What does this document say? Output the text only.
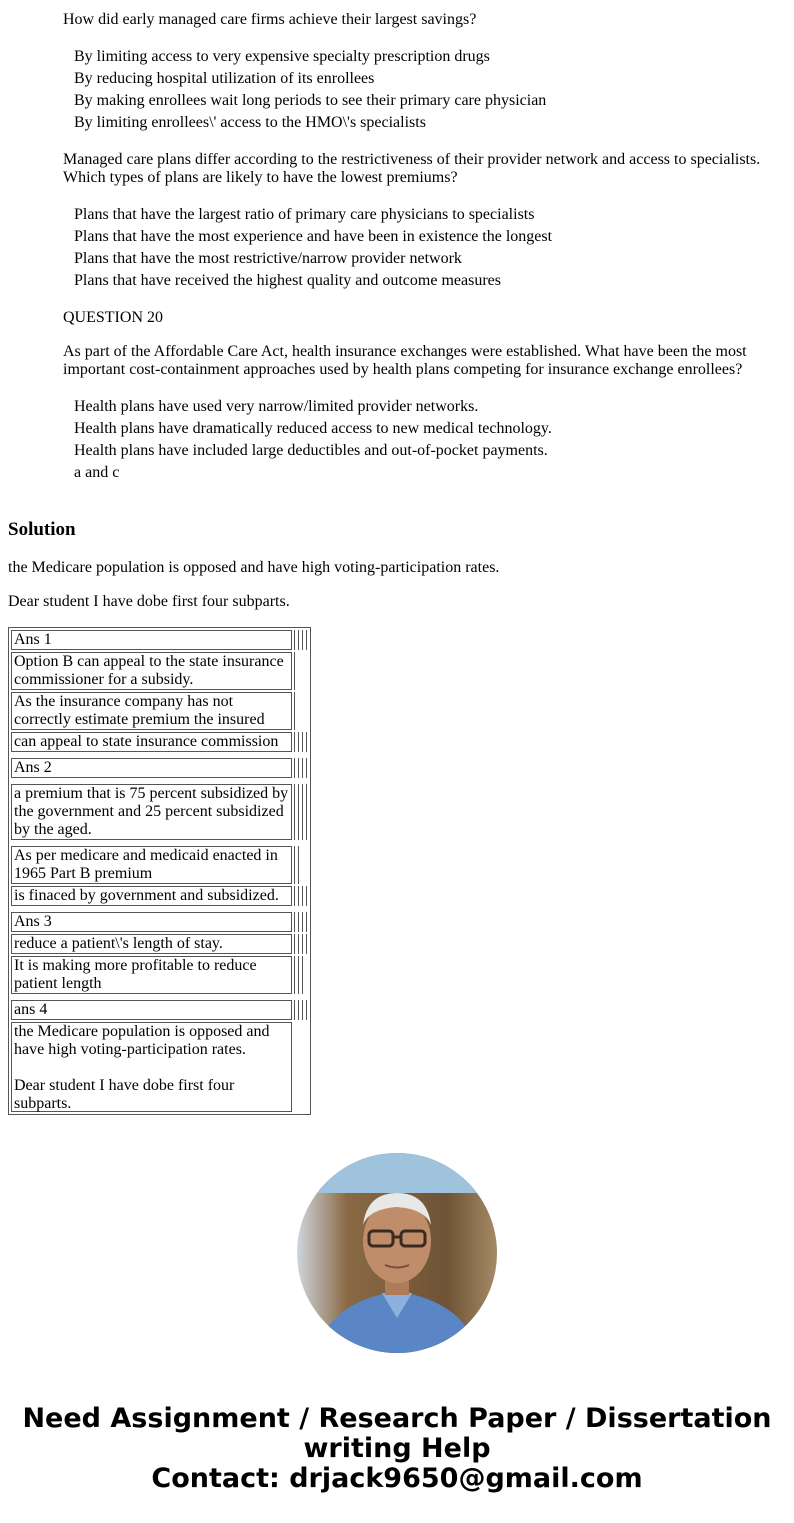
How did early managed care firms achieve their largest savings?
By limiting access to very expensive specialty prescription drugs
By reducing hospital utilization of its enrollees
By making enrollees wait long periods to see their primary care physician
By limiting enrollees\' access to the HMO\'s specialists
Managed care plans differ according to the restrictiveness of their provider network and access to specialists.
Which types of plans are likely to have the lowest premiums?
Plans that have the largest ratio of primary care physicians to specialists
Plans that have the most experience and have been in existence the longest
Plans that have the most restrictive/narrow provider network
Plans that have received the highest quality and outcome measures
QUESTION 20
As part of the Affordable Care Act, health insurance exchanges were established. What have been the most
important cost-containment approaches used by health plans competing for insurance exchange enrollees?
Health plans have used very narrow/limited provider networks.
Health plans have dramatically reduced access to new medical technology.
Health plans have included large deductibles and out-of-pocket payments.
a and c
Solution
the Medicare population is opposed and have high voting-participation rates.
Dear student I have dobe first four subparts.
Ans 1
Option B can appeal to the state insurance commissioner for a subsidy.
As the insurance company has not correctly estimate premium the insured
can appeal to state insurance commission
Ans 2
a premium that is 75 percent subsidized by the government and 25 percent subsidized by the aged.
As per medicare and medicaid enacted in 1965 Part B premium
is finaced by government and subsidized.
Ans 3
reduce a patient\'s length of stay.
It is making more profitable to reduce patient length
ans 4
the Medicare population is opposed and have high voting-participation rates.
Dear student I have dobe first four subparts.
Need Assignment / Research Paper / Dissertation
writing Help
Contact: drjack9650@gmail.com
